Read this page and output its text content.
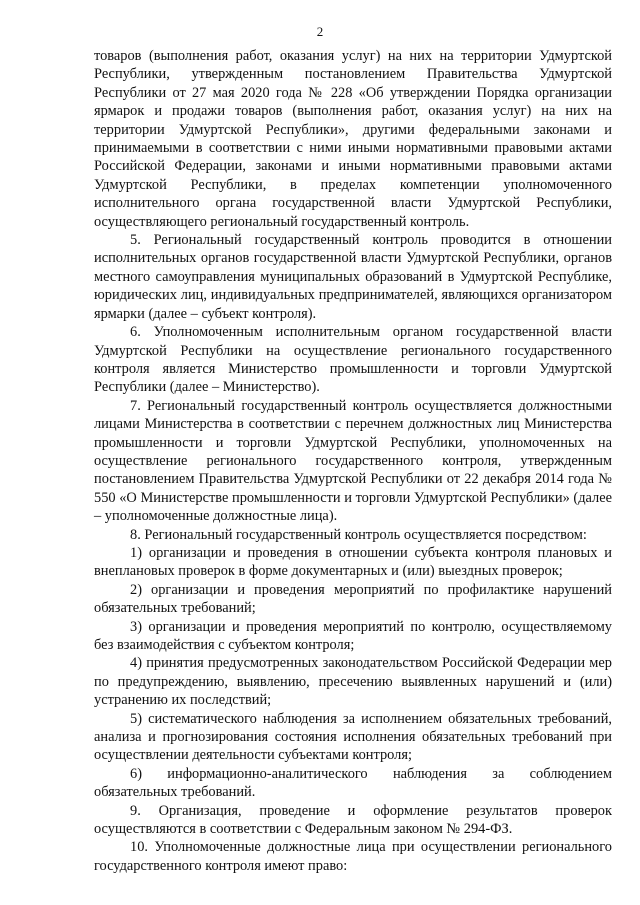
2

товаров (выполнения работ, оказания услуг) на них на территории Удмуртской Республики, утвержденным постановлением Правительства Удмуртской Республики от 27 мая 2020 года № 228 «Об утверждении Порядка организации ярмарок и продажи товаров (выполнения работ, оказания услуг) на них на территории Удмуртской Республики», другими федеральными законами и принимаемыми в соответствии с ними иными нормативными правовыми актами Российской Федерации, законами и иными нормативными правовыми актами Удмуртской Республики, в пределах компетенции уполномоченного исполнительного органа государственной власти Удмуртской Республики, осуществляющего региональный государственный контроль.

5. Региональный государственный контроль проводится в отношении исполнительных органов государственной власти Удмуртской Республики, органов местного самоуправления муниципальных образований в Удмуртской Республике, юридических лиц, индивидуальных предпринимателей, являющихся организатором ярмарки (далее – субъект контроля).

6. Уполномоченным исполнительным органом государственной власти Удмуртской Республики на осуществление регионального государственного контроля является Министерство промышленности и торговли Удмуртской Республики (далее – Министерство).

7. Региональный государственный контроль осуществляется должностными лицами Министерства в соответствии с перечнем должностных лиц Министерства промышленности и торговли Удмуртской Республики, уполномоченных на осуществление регионального государственного контроля, утвержденным постановлением Правительства Удмуртской Республики от 22 декабря 2014 года № 550 «О Министерстве промышленности и торговли Удмуртской Республики» (далее – уполномоченные должностные лица).

8. Региональный государственный контроль осуществляется посредством:

1) организации и проведения в отношении субъекта контроля плановых и внеплановых проверок в форме документарных и (или) выездных проверок;

2) организации и проведения мероприятий по профилактике нарушений обязательных требований;

3) организации и проведения мероприятий по контролю, осуществляемому без взаимодействия с субъектом контроля;

4) принятия предусмотренных законодательством Российской Федерации мер по предупреждению, выявлению, пресечению выявленных нарушений и (или) устранению их последствий;

5) систематического наблюдения за исполнением обязательных требований, анализа и прогнозирования состояния исполнения обязательных требований при осуществлении деятельности субъектами контроля;

6) информационно-аналитического наблюдения за соблюдением обязательных требований.

9. Организация, проведение и оформление результатов проверок осуществляются в соответствии с Федеральным законом № 294-ФЗ.

10. Уполномоченные должностные лица при осуществлении регионального государственного контроля имеют право:
